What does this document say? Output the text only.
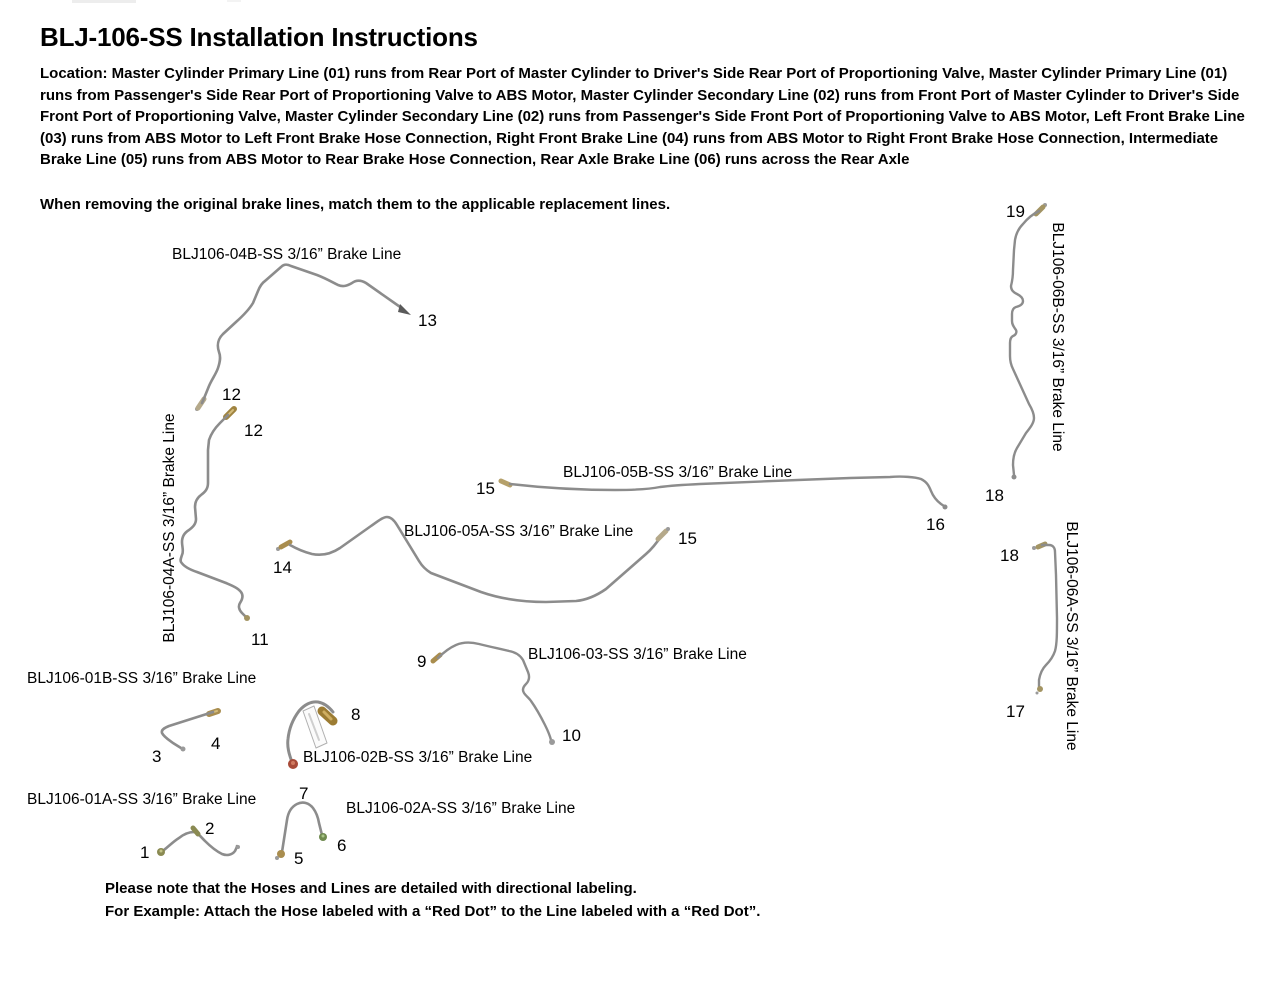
BLJ-106-SS Installation Instructions
Location: Master Cylinder Primary Line (01) runs from Rear Port of Master Cylinder to Driver's Side Rear Port of Proportioning Valve, Master Cylinder Primary Line (01) runs from Passenger's Side Rear Port of Proportioning Valve to ABS Motor, Master Cylinder Secondary Line (02) runs from Front Port of Master Cylinder to Driver's Side Front Port of Proportioning Valve, Master Cylinder Secondary Line (02) runs from Passenger's Side Front Port of Proportioning Valve to ABS Motor, Left Front Brake Line (03) runs from ABS Motor to Left Front Brake Hose Connection, Right Front Brake Line (04) runs from ABS Motor to Right Front Brake Hose Connection, Intermediate Brake Line (05) runs from ABS Motor to Rear Brake Hose Connection, Rear Axle Brake Line (06) runs across the Rear Axle
When removing the original brake lines, match them to the applicable replacement lines.
BLJ106-04B-SS 3/16” Brake Line
BLJ106-04A-SS 3/16” Brake Line	BLJ106-05B-SS 3/16” Brake Line
BLJ106-05A-SS 3/16” Brake Line
BLJ106-06B-SS 3/16” Brake Line
BLJ106-06A-SS 3/16” Brake Line
BLJ106-03-SS 3/16” Brake Line
BLJ106-01B-SS 3/16” Brake Line
BLJ106-02B-SS 3/16” Brake Line
BLJ106-01A-SS 3/16” Brake Line
BLJ106-02A-SS 3/16” Brake Line
1
2
3
4
5
6
7
8
9
10
11
12
12
13
14
15
15
16
17
18
18
19
Please note that the Hoses and Lines are detailed with directional labeling.
For Example: Attach the Hose labeled with a “Red Dot” to the Line labeled with a “Red Dot”.
